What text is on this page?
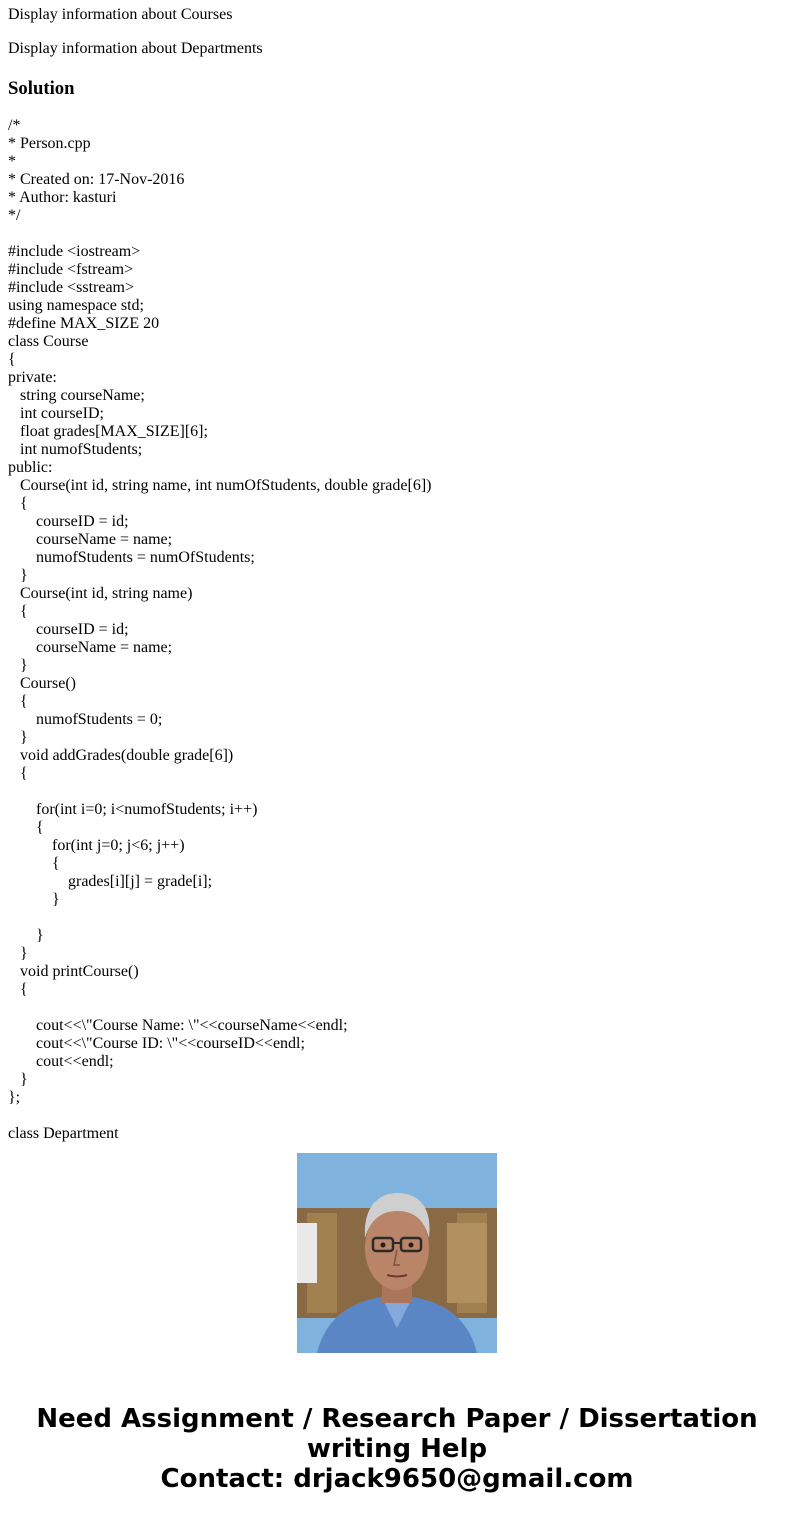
Display information about Courses

Display information about Departments

Solution
/*
* Person.cpp
*
* Created on: 17-Nov-2016
* Author: kasturi
*/

#include <iostream>
#include <fstream>
#include <sstream>
using namespace std;
#define MAX_SIZE 20
class Course
{
private:
string courseName;
int courseID;
float grades[MAX_SIZE][6];
int numofStudents;
public:
Course(int id, string name, int numOfStudents, double grade[6])
{
courseID = id;
courseName = name;
numofStudents = numOfStudents;
}
Course(int id, string name)
{
courseID = id;
courseName = name;
}
Course()
{
numofStudents = 0;
}
void addGrades(double grade[6])
{

for(int i=0; i<numofStudents; i++)
{
for(int j=0; j<6; j++)
{
grades[i][j] = grade[i];
}

}
}
void printCourse()
{

cout<<\"Course Name: \"<<courseName<<endl;
cout<<\"Course ID: \"<<courseID<<endl;
cout<<endl;
}
};

class Department
Need Assignment / Research Paper / Dissertation
writing Help
Contact: drjack9650@gmail.com
